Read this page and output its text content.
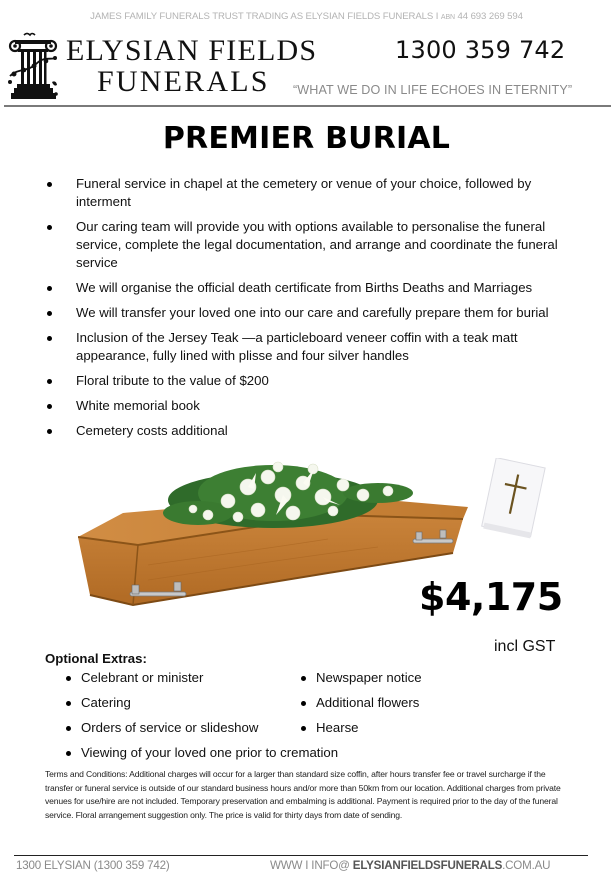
JAMES FAMILY FUNERALS TRUST TRADING AS ELYSIAN FIELDS FUNERALS I ABN 44 693 269 594
ELYSIAN FIELDS
FUNERALS
1300 359 742
“WHAT WE DO IN LIFE ECHOES IN ETERNITY”
PREMIER BURIAL
Funeral service in chapel at the cemetery or venue of your choice, followed by interment
Our caring team will provide you with options available to personalise the funeral service, complete the legal documentation, and arrange and coordinate the funeral service
We will organise the official death certificate from Births Deaths and Marriages
We will transfer your loved one into our care and carefully prepare them for burial
Inclusion of the Jersey Teak —a particleboard veneer coffin with a teak matt appearance, fully lined with plisse and four silver handles
Floral tribute to the value of $200
White memorial book
Cemetery costs additional
$4,175
incl GST
Optional Extras:
Celebrant or minister
Catering
Orders of service or slideshow
Viewing of your loved one prior to cremation
Newspaper notice
Additional flowers
Hearse

Terms and Conditions: Additional charges will occur for a larger than standard size coffin, after hours transfer fee or travel surcharge if the transfer or funeral service is outside of our standard business hours and/or more than 50km from our location. Additional charges from private venues for use/hire are not included. Temporary preservation and embalming is additional. Payment is required prior to the day of the funeral service. Floral arrangement suggestion only. The price is valid for thirty days from date of sending.

1300 ELYSIAN (1300 359 742)	WWW I INFO@ ELYSIANFIELDSFUNERALS.COM.AU
